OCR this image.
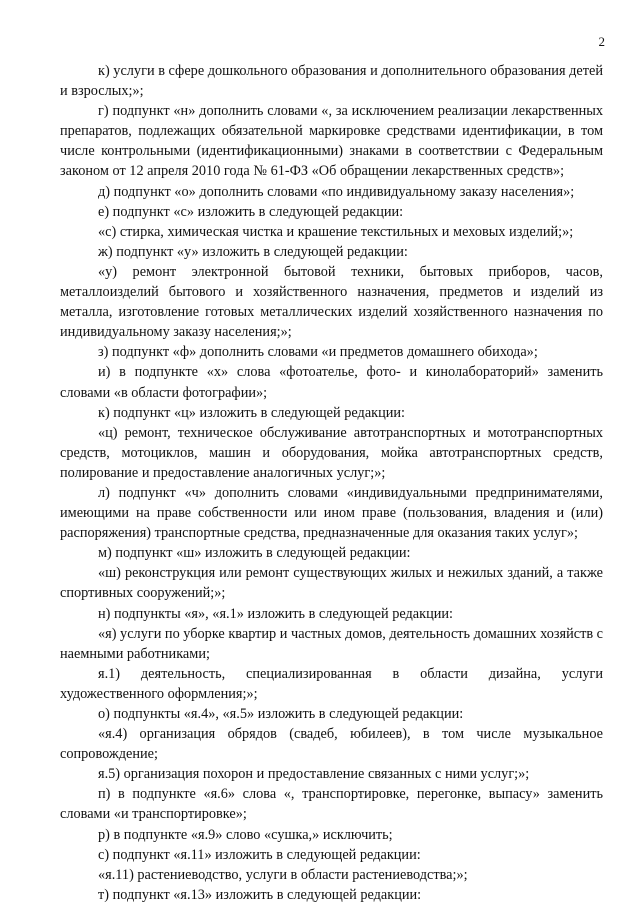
2

к) услуги в сфере дошкольного образования и дополнительного образования детей и взрослых;»;

г) подпункт «н» дополнить словами «, за исключением реализации лекарственных препаратов, подлежащих обязательной маркировке средствами идентификации, в том числе контрольными (идентификационными) знаками в соответствии с Федеральным законом от 12 апреля 2010 года № 61-ФЗ «Об обращении лекарственных средств»;

д) подпункт «о» дополнить словами «по индивидуальному заказу населения»;

е) подпункт «с» изложить в следующей редакции:

«с) стирка, химическая чистка и крашение текстильных и меховых изделий;»;

ж) подпункт «у» изложить в следующей редакции:

«у) ремонт электронной бытовой техники, бытовых приборов, часов, металлоизделий бытового и хозяйственного назначения, предметов и изделий из металла, изготовление готовых металлических изделий хозяйственного назначения по индивидуальному заказу населения;»;

з) подпункт «ф» дополнить словами «и предметов домашнего обихода»;

и) в подпункте «х» слова «фотоателье, фото- и кинолабораторий» заменить словами «в области фотографии»;

к) подпункт «ц» изложить в следующей редакции:

«ц) ремонт, техническое обслуживание автотранспортных и мототранспортных средств, мотоциклов, машин и оборудования, мойка автотранспортных средств, полирование и предоставление аналогичных услуг;»;

л) подпункт «ч» дополнить словами «индивидуальными предпринимателями, имеющими на праве собственности или ином праве (пользования, владения и (или) распоряжения) транспортные средства, предназначенные для оказания таких услуг»;

м) подпункт «ш» изложить в следующей редакции:

«ш) реконструкция или ремонт существующих жилых и нежилых зданий, а также спортивных сооружений;»;

н) подпункты «я», «я.1» изложить в следующей редакции:

«я) услуги по уборке квартир и частных домов, деятельность домашних хозяйств с наемными работниками;

я.1) деятельность, специализированная в области дизайна, услуги художественного оформления;»;

о) подпункты «я.4», «я.5» изложить в следующей редакции:

«я.4) организация обрядов (свадеб, юбилеев), в том числе музыкальное сопровождение;

я.5) организация похорон и предоставление связанных с ними услуг;»;

п) в подпункте «я.6» слова «, транспортировке, перегонке, выпасу» заменить словами «и транспортировке»;

р) в подпункте «я.9» слово «сушка,» исключить;

с) подпункт «я.11» изложить в следующей редакции:

«я.11) растениеводство, услуги в области растениеводства;»;

т) подпункт «я.13» изложить в следующей редакции:
